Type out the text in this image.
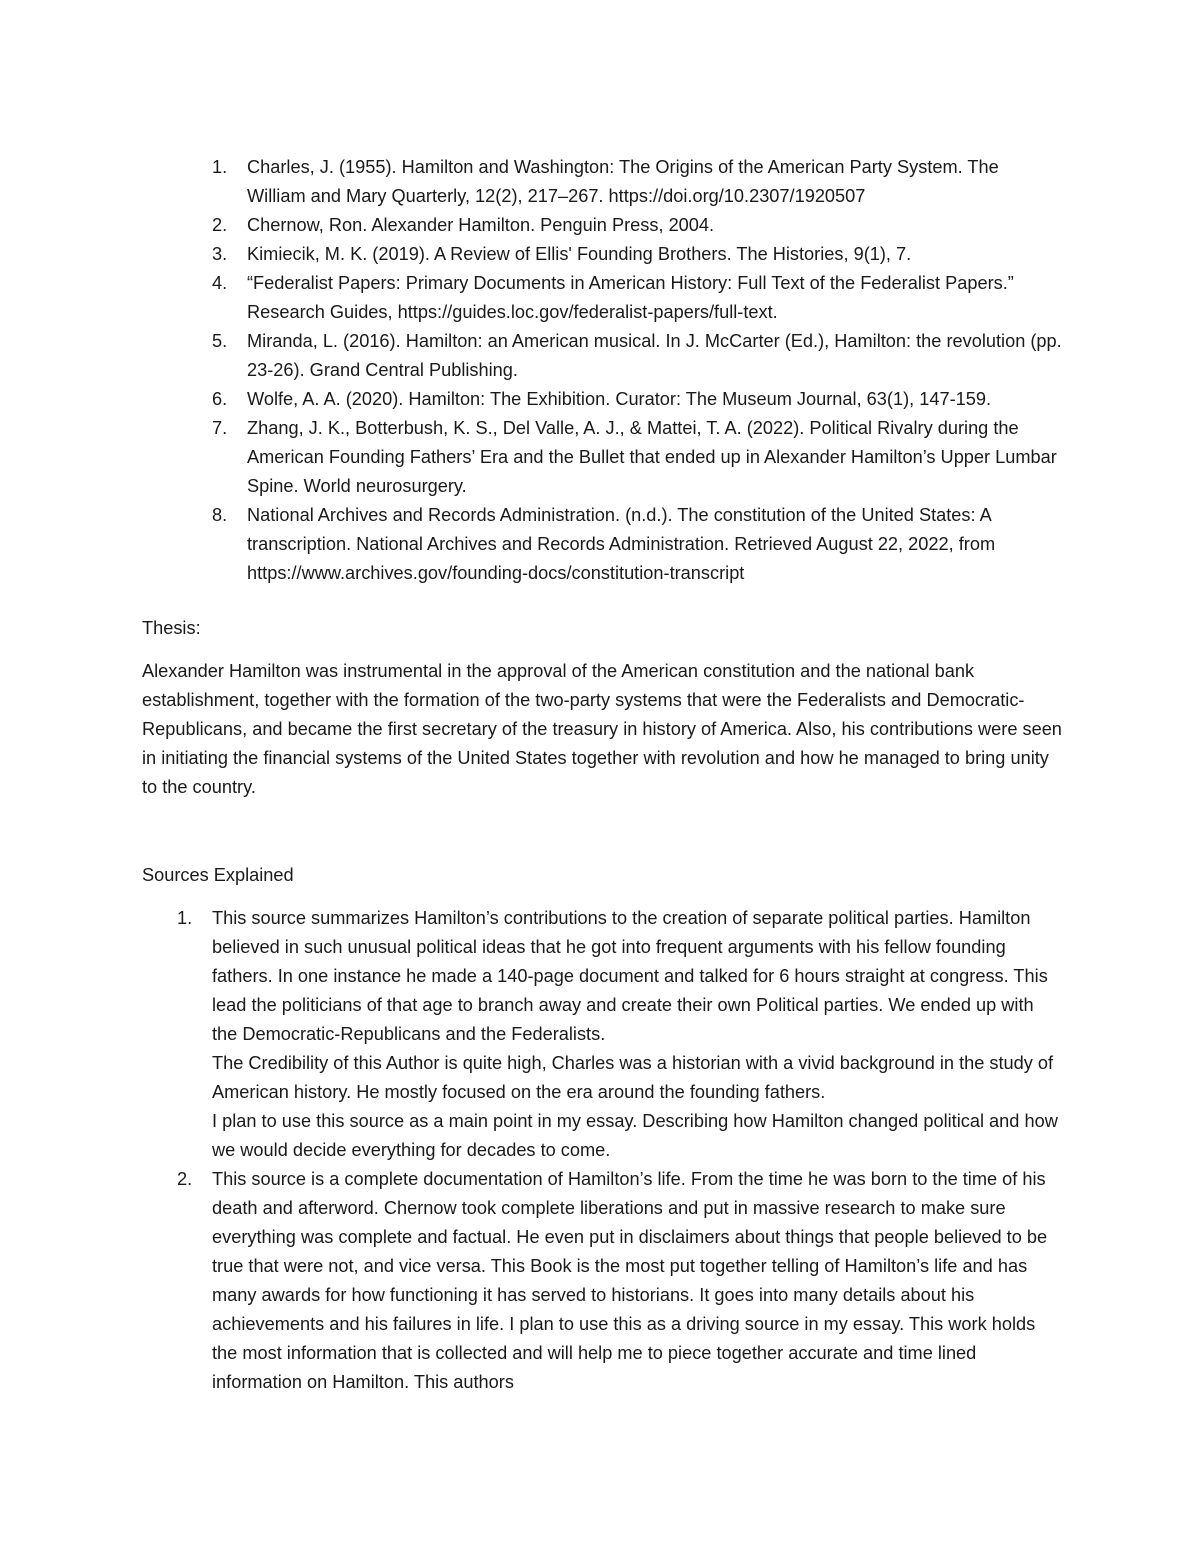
1. Charles, J. (1955). Hamilton and Washington: The Origins of the American Party System. The William and Mary Quarterly, 12(2), 217–267. https://doi.org/10.2307/1920507
2. Chernow, Ron. Alexander Hamilton. Penguin Press, 2004.
3. Kimiecik, M. K. (2019). A Review of Ellis' Founding Brothers. The Histories, 9(1), 7.
4. “Federalist Papers: Primary Documents in American History: Full Text of the Federalist Papers.” Research Guides, https://guides.loc.gov/federalist-papers/full-text.
5. Miranda, L. (2016). Hamilton: an American musical. In J. McCarter (Ed.), Hamilton: the revolution (pp. 23-26). Grand Central Publishing.
6. Wolfe, A. A. (2020). Hamilton: The Exhibition. Curator: The Museum Journal, 63(1), 147-159.
7. Zhang, J. K., Botterbush, K. S., Del Valle, A. J., & Mattei, T. A. (2022). Political Rivalry during the American Founding Fathers’ Era and the Bullet that ended up in Alexander Hamilton’s Upper Lumbar Spine. World neurosurgery.
8. National Archives and Records Administration. (n.d.). The constitution of the United States: A transcription. National Archives and Records Administration. Retrieved August 22, 2022, from https://www.archives.gov/founding-docs/constitution-transcript
Thesis:
Alexander Hamilton was instrumental in the approval of the American constitution and the national bank establishment, together with the formation of the two-party systems that were the Federalists and Democratic-Republicans, and became the first secretary of the treasury in history of America. Also, his contributions were seen in initiating the financial systems of the United States together with revolution and how he managed to bring unity to the country.
Sources Explained
1. This source summarizes Hamilton’s contributions to the creation of separate political parties. Hamilton believed in such unusual political ideas that he got into frequent arguments with his fellow founding fathers. In one instance he made a 140-page document and talked for 6 hours straight at congress. This lead the politicians of that age to branch away and create their own Political parties. We ended up with the Democratic-Republicans and the Federalists.

The Credibility of this Author is quite high, Charles was a historian with a vivid background in the study of American history. He mostly focused on the era around the founding fathers.

I plan to use this source as a main point in my essay. Describing how Hamilton changed political and how we would decide everything for decades to come.

2. This source is a complete documentation of Hamilton’s life. From the time he was born to the time of his death and afterword. Chernow took complete liberations and put in massive research to make sure everything was complete and factual. He even put in disclaimers about things that people believed to be true that were not, and vice versa. This Book is the most put together telling of Hamilton’s life and has many awards for how functioning it has served to historians. It goes into many details about his achievements and his failures in life. I plan to use this as a driving source in my essay. This work holds the most information that is collected and will help me to piece together accurate and time lined information on Hamilton. This authors
